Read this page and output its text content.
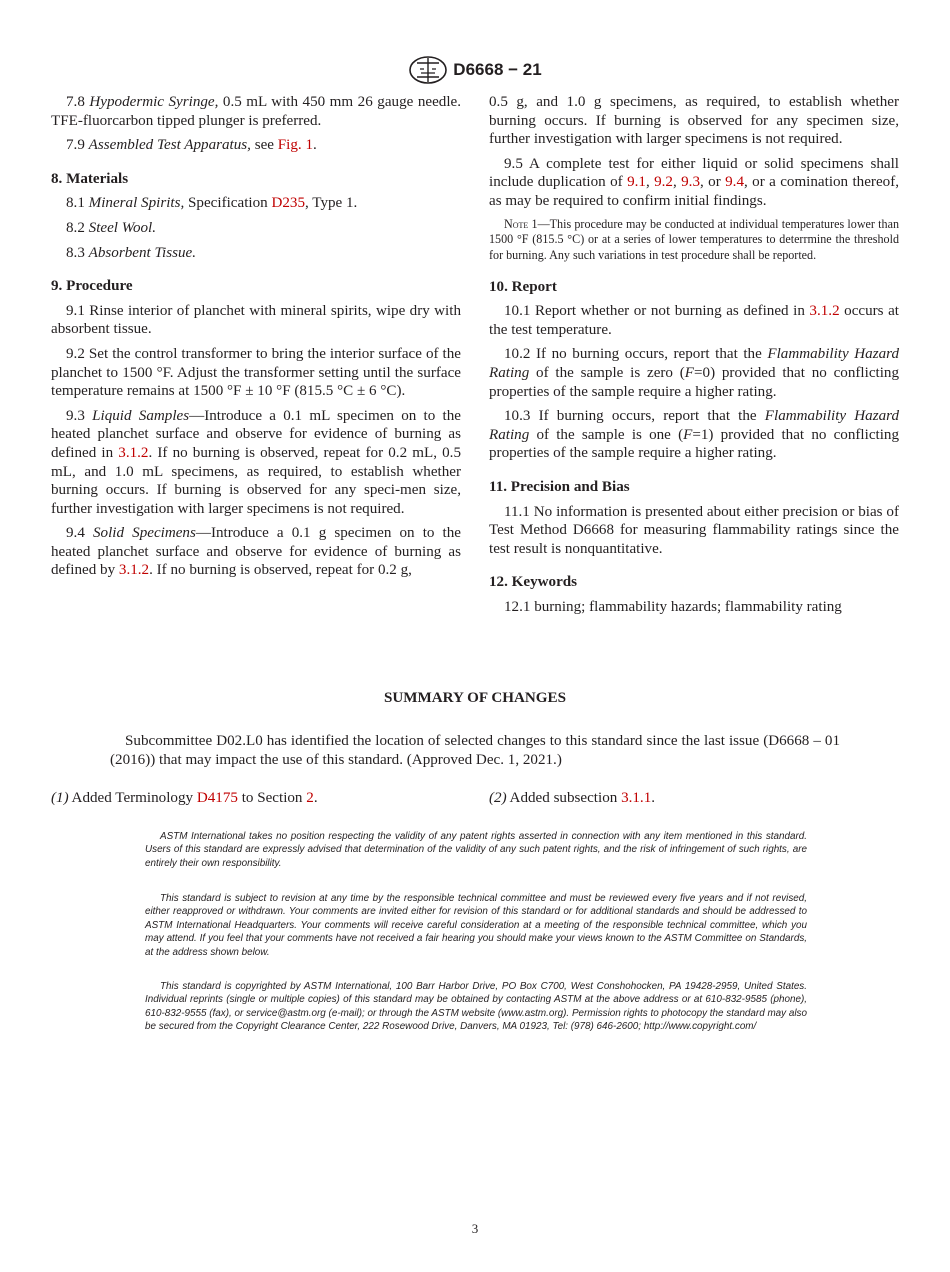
D6668 − 21

7.8 Hypodermic Syringe, 0.5 mL with 450 mm 26 gauge needle. TFE-fluorcarbon tipped plunger is preferred.

7.9 Assembled Test Apparatus, see Fig. 1.

8. Materials

8.1 Mineral Spirits, Specification D235, Type 1.

8.2 Steel Wool.

8.3 Absorbent Tissue.

9. Procedure

9.1 Rinse interior of planchet with mineral spirits, wipe dry with absorbent tissue.

9.2 Set the control transformer to bring the interior surface of the planchet to 1500 °F. Adjust the transformer setting until the surface temperature remains at 1500 °F ± 10 °F (815.5 °C ± 6 °C).

9.3 Liquid Samples—Introduce a 0.1 mL specimen on to the heated planchet surface and observe for evidence of burning as defined in 3.1.2. If no burning is observed, repeat for 0.2 mL, 0.5 mL, and 1.0 mL specimens, as required, to establish whether burning occurs. If burning is observed for any speci-men size, further investigation with larger specimens is not required.

9.4 Solid Specimens—Introduce a 0.1 g specimen on to the heated planchet surface and observe for evidence of burning as defined by 3.1.2. If no burning is observed, repeat for 0.2 g,

0.5 g, and 1.0 g specimens, as required, to establish whether burning occurs. If burning is observed for any specimen size, further investigation with larger specimens is not required.

9.5 A complete test for either liquid or solid specimens shall include duplication of 9.1, 9.2, 9.3, or 9.4, or a comination thereof, as may be required to confirm initial findings.

Note 1—This procedure may be conducted at individual temperatures lower than 1500 °F (815.5 °C) or at a series of lower temperatures to deterrmine the threshold for burning. Any such variations in test procedure shall be reported.

10. Report

10.1 Report whether or not burning as defined in 3.1.2 occurs at the test temperature.

10.2 If no burning occurs, report that the Flammability Hazard Rating of the sample is zero (F=0) provided that no conflicting properties of the sample require a higher rating.

10.3 If burning occurs, report that the Flammability Hazard Rating of the sample is one (F=1) provided that no conflicting properties of the sample require a higher rating.

11. Precision and Bias

11.1 No information is presented about either precision or bias of Test Method D6668 for measuring flammability ratings since the test result is nonquantitative.

12. Keywords

12.1 burning; flammability hazards; flammability rating

SUMMARY OF CHANGES

Subcommittee D02.L0 has identified the location of selected changes to this standard since the last issue (D6668 – 01 (2016)) that may impact the use of this standard. (Approved Dec. 1, 2021.)

(1) Added Terminology D4175 to Section 2.	(2) Added subsection 3.1.1.

ASTM International takes no position respecting the validity of any patent rights asserted in connection with any item mentioned in this standard. Users of this standard are expressly advised that determination of the validity of any such patent rights, and the risk of infringement of such rights, are entirely their own responsibility.

This standard is subject to revision at any time by the responsible technical committee and must be reviewed every five years and if not revised, either reapproved or withdrawn. Your comments are invited either for revision of this standard or for additional standards and should be addressed to ASTM International Headquarters. Your comments will receive careful consideration at a meeting of the responsible technical committee, which you may attend. If you feel that your comments have not received a fair hearing you should make your views known to the ASTM Committee on Standards, at the address shown below.

This standard is copyrighted by ASTM International, 100 Barr Harbor Drive, PO Box C700, West Conshohocken, PA 19428-2959, United States. Individual reprints (single or multiple copies) of this standard may be obtained by contacting ASTM at the above address or at 610-832-9585 (phone), 610-832-9555 (fax), or service@astm.org (e-mail); or through the ASTM website (www.astm.org). Permission rights to photocopy the standard may also be secured from the Copyright Clearance Center, 222 Rosewood Drive, Danvers, MA 01923, Tel: (978) 646-2600; http://www.copyright.com/

3
